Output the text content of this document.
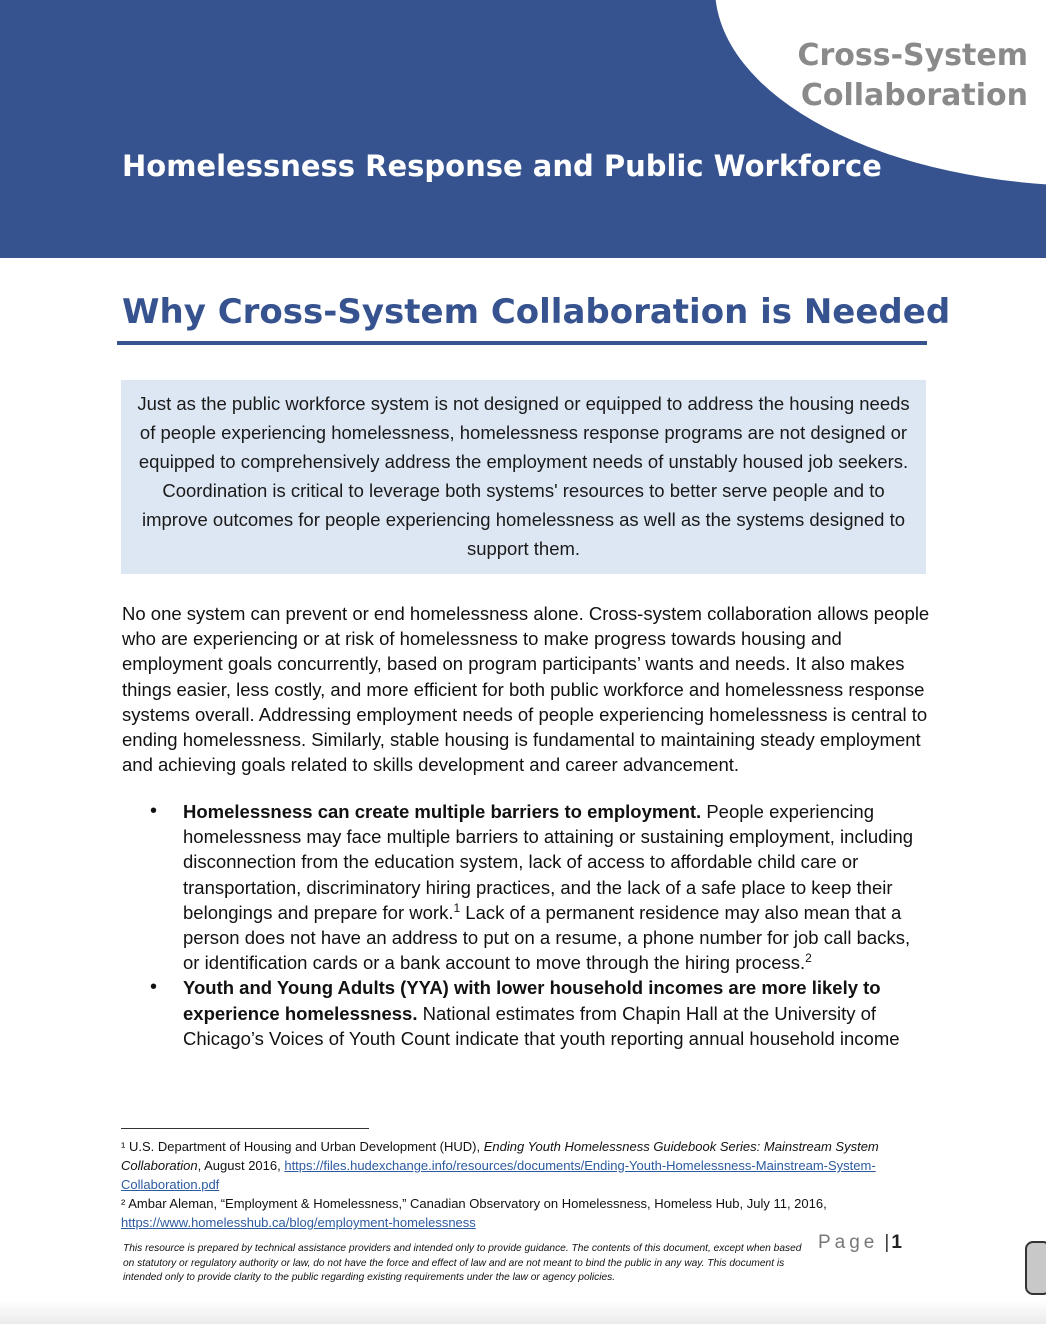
Cross-System
Collaboration
Homelessness Response and Public Workforce
Why Cross-System Collaboration is Needed
Just as the public workforce system is not designed or equipped to address the housing needs of people experiencing homelessness, homelessness response programs are not designed or equipped to comprehensively address the employment needs of unstably housed job seekers. Coordination is critical to leverage both systems' resources to better serve people and to improve outcomes for people experiencing homelessness as well as the systems designed to support them.

No one system can prevent or end homelessness alone. Cross-system collaboration allows people who are experiencing or at risk of homelessness to make progress towards housing and employment goals concurrently, based on program participants’ wants and needs. It also makes things easier, less costly, and more efficient for both public workforce and homelessness response systems overall. Addressing employment needs of people experiencing homelessness is central to ending homelessness. Similarly, stable housing is fundamental to maintaining steady employment and achieving goals related to skills development and career advancement.

• Homelessness can create multiple barriers to employment. People experiencing homelessness may face multiple barriers to attaining or sustaining employment, including disconnection from the education system, lack of access to affordable child care or transportation, discriminatory hiring practices, and the lack of a safe place to keep their belongings and prepare for work.$^1$ Lack of a permanent residence may also mean that a person does not have an address to put on a resume, a phone number for job call backs, or identification cards or a bank account to move through the hiring process.$^2$
• Youth and Young Adults (YYA) with lower household incomes are more likely to experience homelessness. National estimates from Chapin Hall at the University of Chicago’s Voices of Youth Count indicate that youth reporting annual household income

¹ U.S. Department of Housing and Urban Development (HUD), Ending Youth Homelessness Guidebook Series: Mainstream System Collaboration, August 2016, https://files.hudexchange.info/resources/documents/Ending-Youth-Homelessness-Mainstream-System-Collaboration.pdf

² Ambar Aleman, “Employment & Homelessness,” Canadian Observatory on Homelessness, Homeless Hub, July 11, 2016, https://www.homelesshub.ca/blog/employment-homelessness

This resource is prepared by technical assistance providers and intended only to provide guidance. The contents of this document, except when based on statutory or regulatory authority or law, do not have the force and effect of law and are not meant to bind the public in any way. This document is intended only to provide clarity to the public regarding existing requirements under the law or agency policies.
Page | 1
